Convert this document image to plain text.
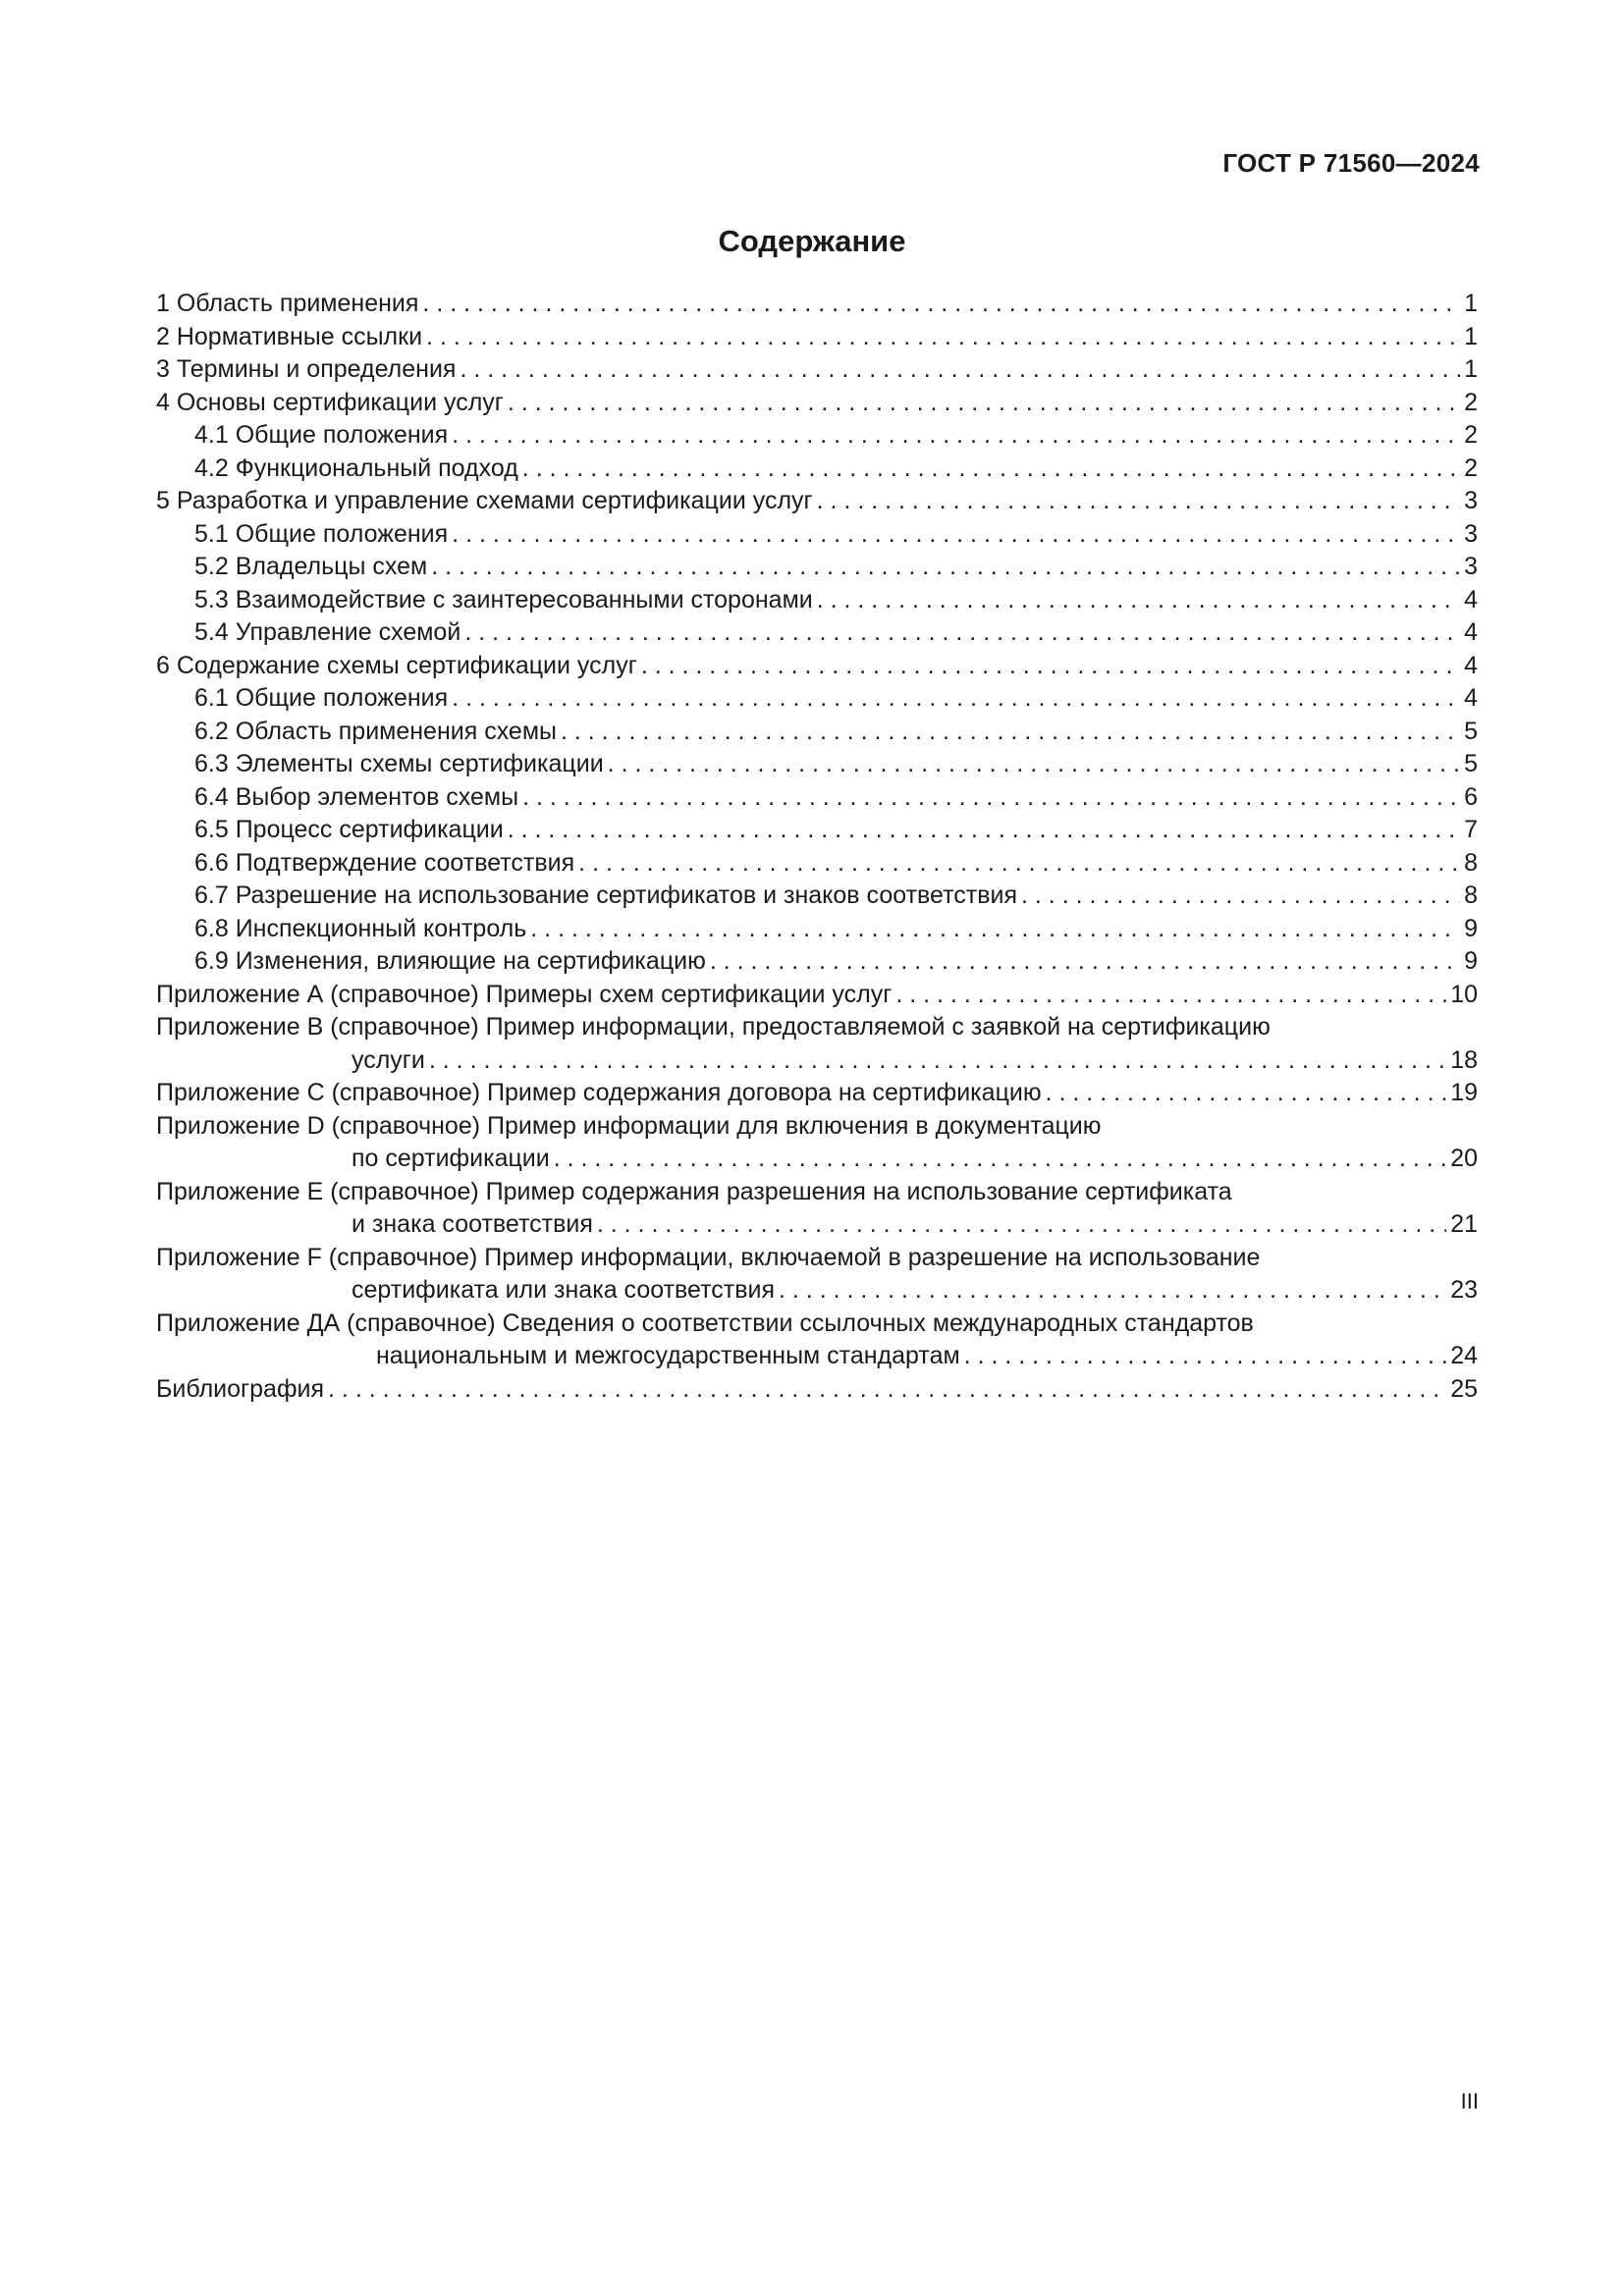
ГОСТ Р 71560—2024
Содержание
1 Область применения . . .	1
2 Нормативные ссылки . . .	1
3 Термины и определения . . .	1
4 Основы сертификации услуг . . .	2
4.1 Общие положения . . .	2
4.2 Функциональный подход . . .	2
5 Разработка и управление схемами сертификации услуг . . .	3
5.1 Общие положения . . .	3
5.2 Владельцы схем . . .	3
5.3 Взаимодействие с заинтересованными сторонами . . .	4
5.4 Управление схемой . . .	4
6 Содержание схемы сертификации услуг . . .	4
6.1 Общие положения . . .	4
6.2 Область применения схемы . . .	5
6.3 Элементы схемы сертификации . . .	5
6.4 Выбор элементов схемы . . .	6
6.5 Процесс сертификации . . .	7
6.6 Подтверждение соответствия . . .	8
6.7 Разрешение на использование сертификатов и знаков соответствия . . .	8
6.8 Инспекционный контроль . . .	9
6.9 Изменения, влияющие на сертификацию . . .	9
Приложение А (справочное) Примеры схем сертификации услуг . . .	10
Приложение В (справочное) Пример информации, предоставляемой с заявкой на сертификацию
услуги . . .	18
Приложение С (справочное) Пример содержания договора на сертификацию . . .	19
Приложение D (справочное) Пример информации для включения в документацию
по сертификации . . .	20
Приложение Е (справочное) Пример содержания разрешения на использование сертификата
и знака соответствия . . .	21
Приложение F (справочное) Пример информации, включаемой в разрешение на использование
сертификата или знака соответствия . . .	23
Приложение ДА (справочное) Сведения о соответствии ссылочных международных стандартов
национальным и межгосударственным стандартам . . .	24
Библиография . . .	25
III
